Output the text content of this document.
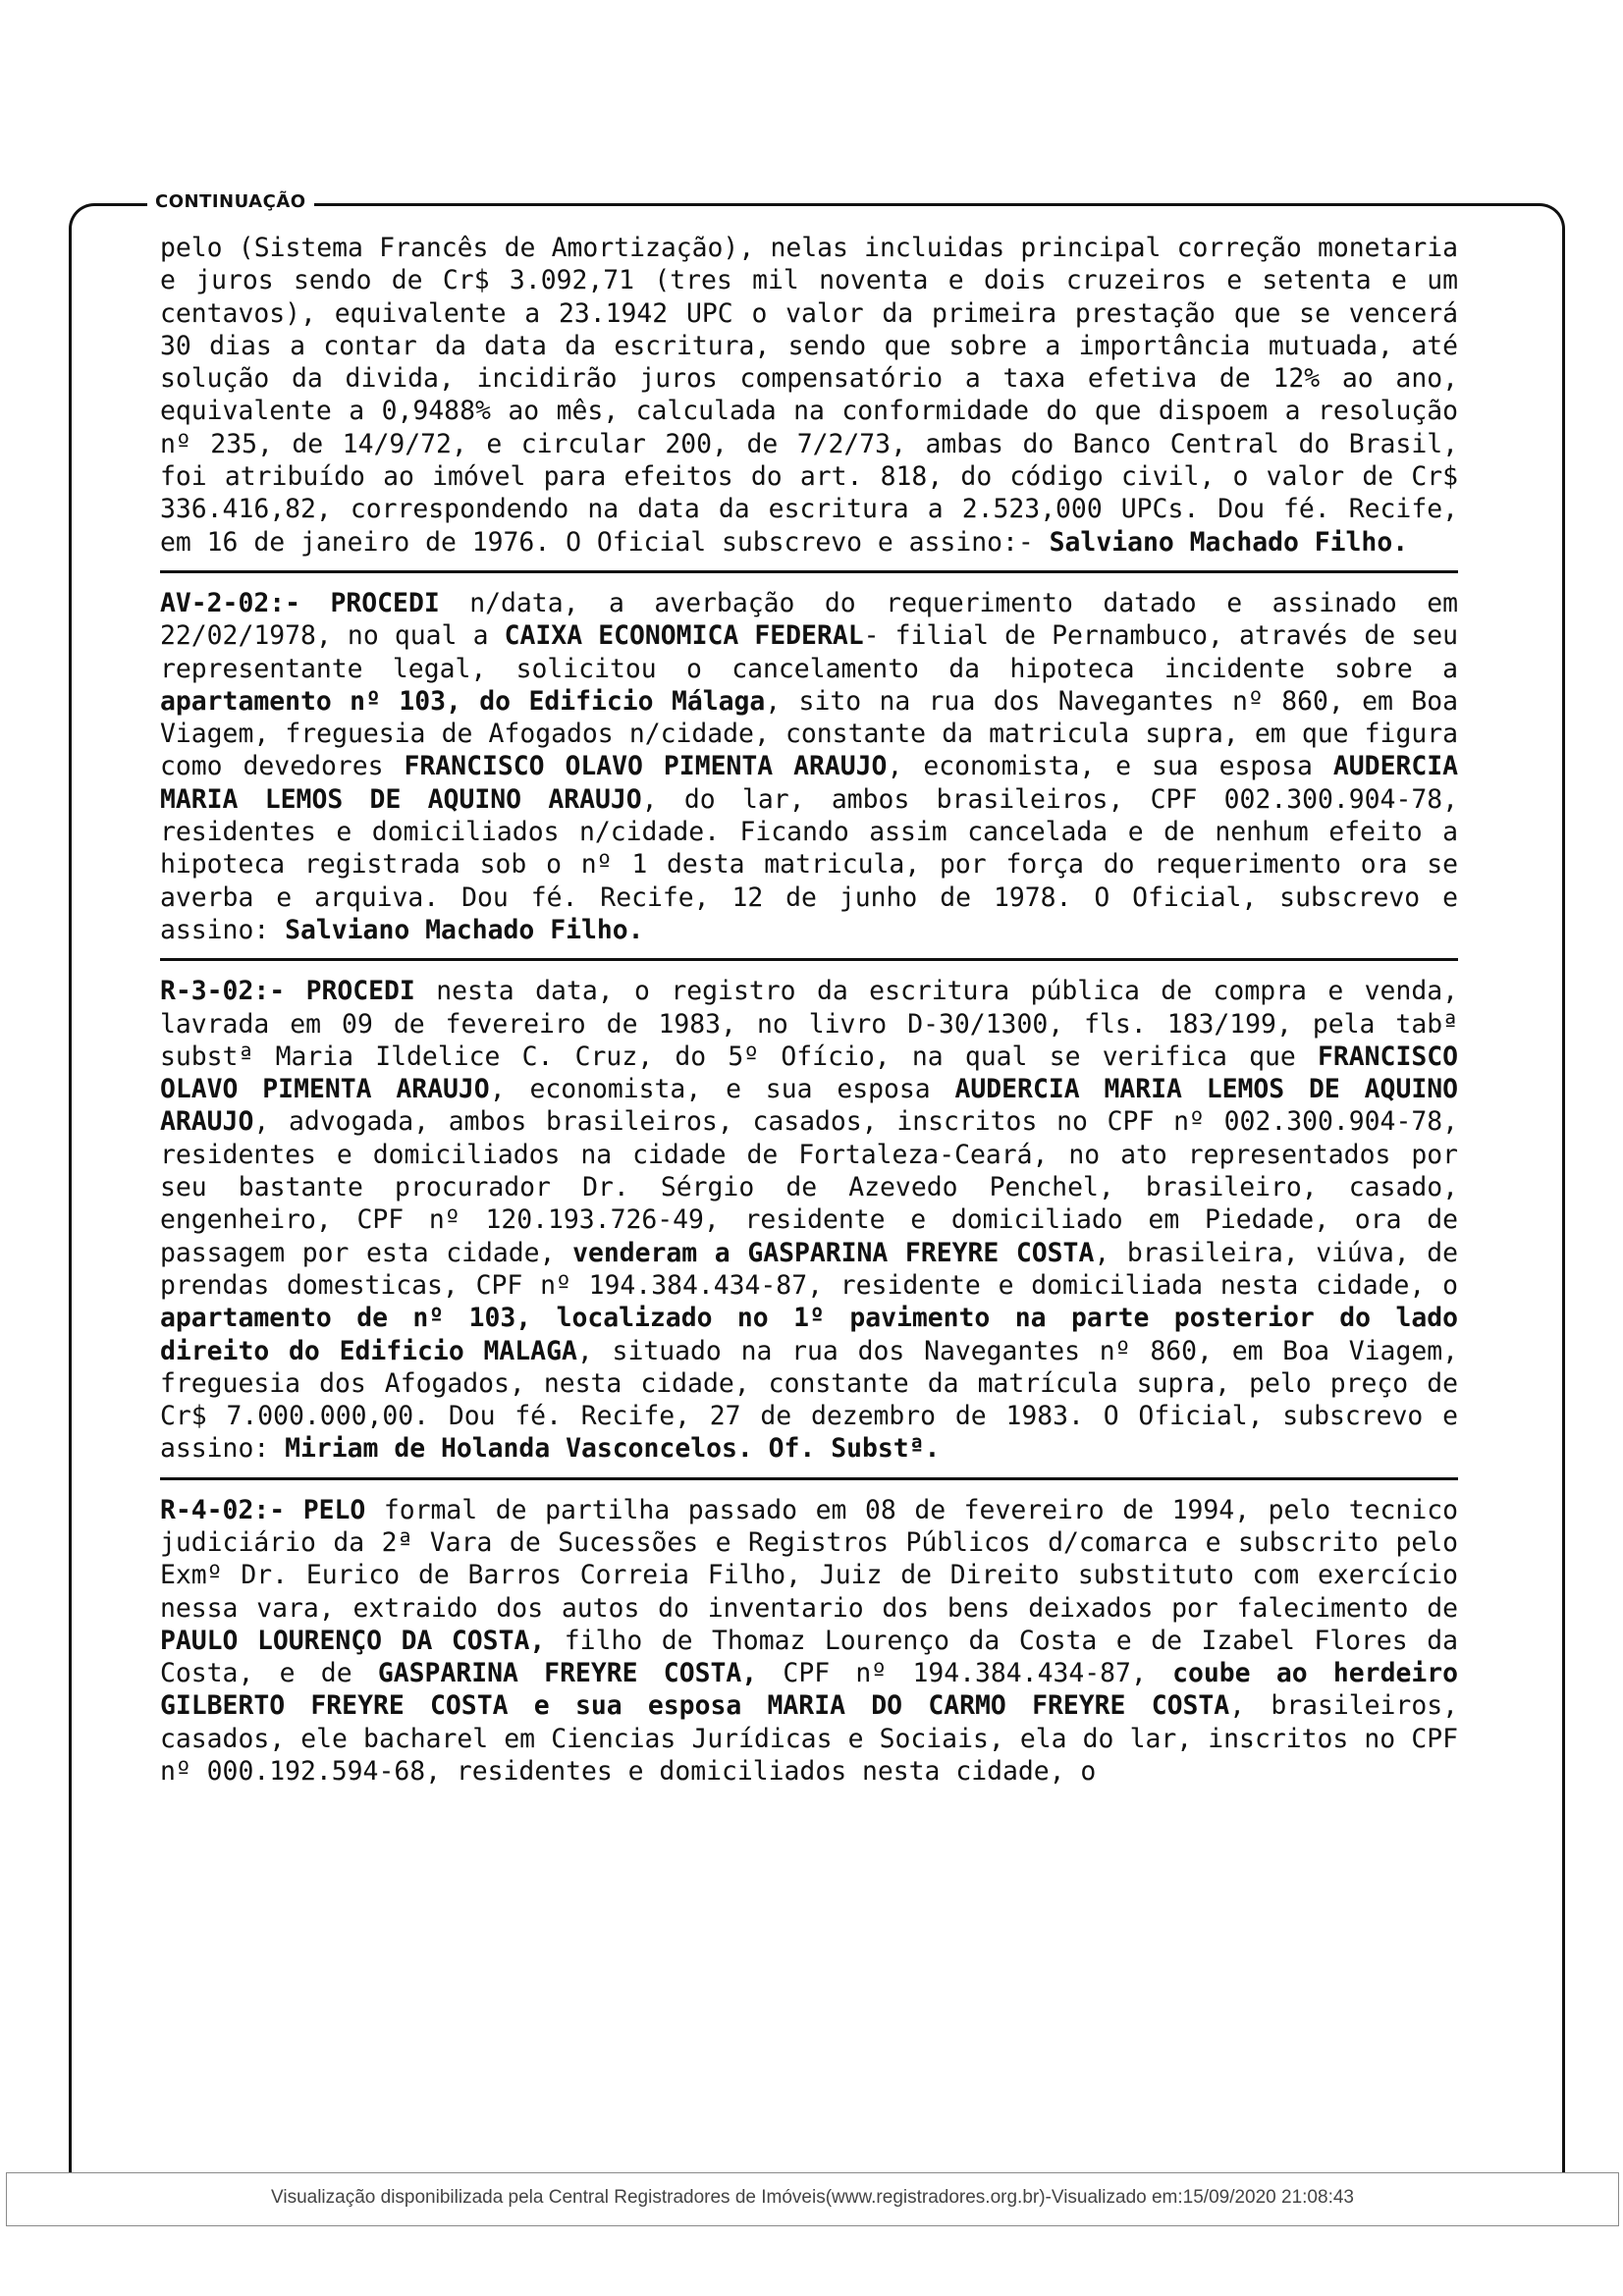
CONTINUAÇÃO

pelo (Sistema Francês de Amortização), nelas incluidas principal correção monetaria e juros sendo de Cr$ 3.092,71 (tres mil noventa e dois cruzeiros e setenta e um centavos), equivalente a 23.1942 UPC o valor da primeira prestação que se vencerá 30 dias a contar da data da escritura, sendo que sobre a importância mutuada, até solução da divida, incidirão juros compensatório a taxa efetiva de 12% ao ano, equivalente a 0,9488% ao mês, calculada na conformidade do que dispoem a resolução nº 235, de 14/9/72, e circular 200, de 7/2/73, ambas do Banco Central do Brasil, foi atribuído ao imóvel para efeitos do art. 818, do código civil, o valor de Cr$ 336.416,82, correspondendo na data da escritura a 2.523,000 UPCs. Dou fé. Recife, em 16 de janeiro de 1976. O Oficial subscrevo e assino:- Salviano Machado Filho.

AV-2-02:- PROCEDI n/data, a averbação do requerimento datado e assinado em 22/02/1978, no qual a CAIXA ECONOMICA FEDERAL- filial de Pernambuco, através de seu representante legal, solicitou o cancelamento da hipoteca incidente sobre a apartamento nº 103, do Edificio Málaga, sito na rua dos Navegantes nº 860, em Boa Viagem, freguesia de Afogados n/cidade, constante da matricula supra, em que figura como devedores FRANCISCO OLAVO PIMENTA ARAUJO, economista, e sua esposa AUDERCIA MARIA LEMOS DE AQUINO ARAUJO, do lar, ambos brasileiros, CPF 002.300.904-78, residentes e domiciliados n/cidade. Ficando assim cancelada e de nenhum efeito a hipoteca registrada sob o nº 1 desta matricula, por força do requerimento ora se averba e arquiva. Dou fé. Recife, 12 de junho de 1978. O Oficial, subscrevo e assino: Salviano Machado Filho.

R-3-02:- PROCEDI nesta data, o registro da escritura pública de compra e venda, lavrada em 09 de fevereiro de 1983, no livro D-30/1300, fls. 183/199, pela tabª substª Maria Ildelice C. Cruz, do 5º Ofício, na qual se verifica que FRANCISCO OLAVO PIMENTA ARAUJO, economista, e sua esposa AUDERCIA MARIA LEMOS DE AQUINO ARAUJO, advogada, ambos brasileiros, casados, inscritos no CPF nº 002.300.904-78, residentes e domiciliados na cidade de Fortaleza-Ceará, no ato representados por seu bastante procurador Dr. Sérgio de Azevedo Penchel, brasileiro, casado, engenheiro, CPF nº 120.193.726-49, residente e domiciliado em Piedade, ora de passagem por esta cidade, venderam a GASPARINA FREYRE COSTA, brasileira, viúva, de prendas domesticas, CPF nº 194.384.434-87, residente e domiciliada nesta cidade, o apartamento de nº 103, localizado no 1º pavimento na parte posterior do lado direito do Edificio MALAGA, situado na rua dos Navegantes nº 860, em Boa Viagem, freguesia dos Afogados, nesta cidade, constante da matrícula supra, pelo preço de Cr$ 7.000.000,00. Dou fé. Recife, 27 de dezembro de 1983. O Oficial, subscrevo e assino: Miriam de Holanda Vasconcelos. Of. Substª.

R-4-02:- PELO formal de partilha passado em 08 de fevereiro de 1994, pelo tecnico judiciário da 2ª Vara de Sucessões e Registros Públicos d/comarca e subscrito pelo Exmº Dr. Eurico de Barros Correia Filho, Juiz de Direito substituto com exercício nessa vara, extraido dos autos do inventario dos bens deixados por falecimento de PAULO LOURENÇO DA COSTA, filho de Thomaz Lourenço da Costa e de Izabel Flores da Costa, e de GASPARINA FREYRE COSTA, CPF nº 194.384.434-87, coube ao herdeiro GILBERTO FREYRE COSTA e sua esposa MARIA DO CARMO FREYRE COSTA, brasileiros, casados, ele bacharel em Ciencias Jurídicas e Sociais, ela do lar, inscritos no CPF nº 000.192.594-68, residentes e domiciliados nesta cidade, o

Visualização disponibilizada pela Central Registradores de Imóveis(www.registradores.org.br)-Visualizado em:15/09/2020 21:08:43
